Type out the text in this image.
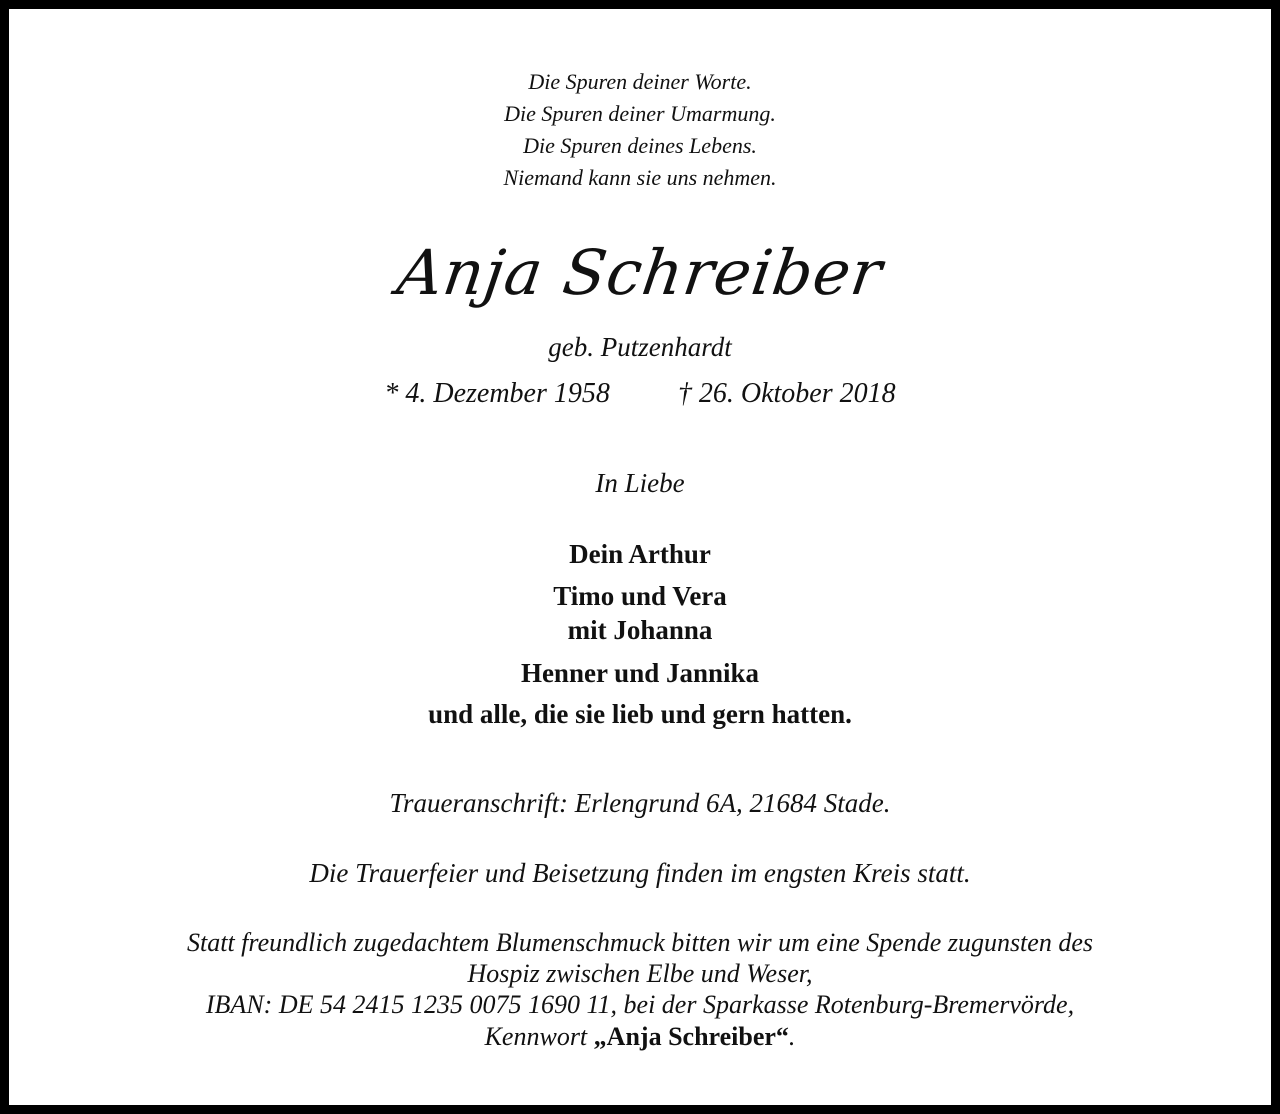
Die Spuren deiner Worte.
Die Spuren deiner Umarmung.
Die Spuren deines Lebens.
Niemand kann sie uns nehmen.
Anja Schreiber
geb. Putzenhardt
* 4. Dezember 1958 † 26. Oktober 2018
In Liebe
Dein Arthur
Timo und Vera
mit Johanna
Henner und Jannika
und alle, die sie lieb und gern hatten.
Traueranschrift: Erlengrund 6A, 21684 Stade.
Die Trauerfeier und Beisetzung finden im engsten Kreis statt.
Statt freundlich zugedachtem Blumenschmuck bitten wir um eine Spende zugunsten des
Hospiz zwischen Elbe und Weser,
IBAN: DE 54 2415 1235 0075 1690 11, bei der Sparkasse Rotenburg-Bremervörde,
Kennwort „Anja Schreiber“.
